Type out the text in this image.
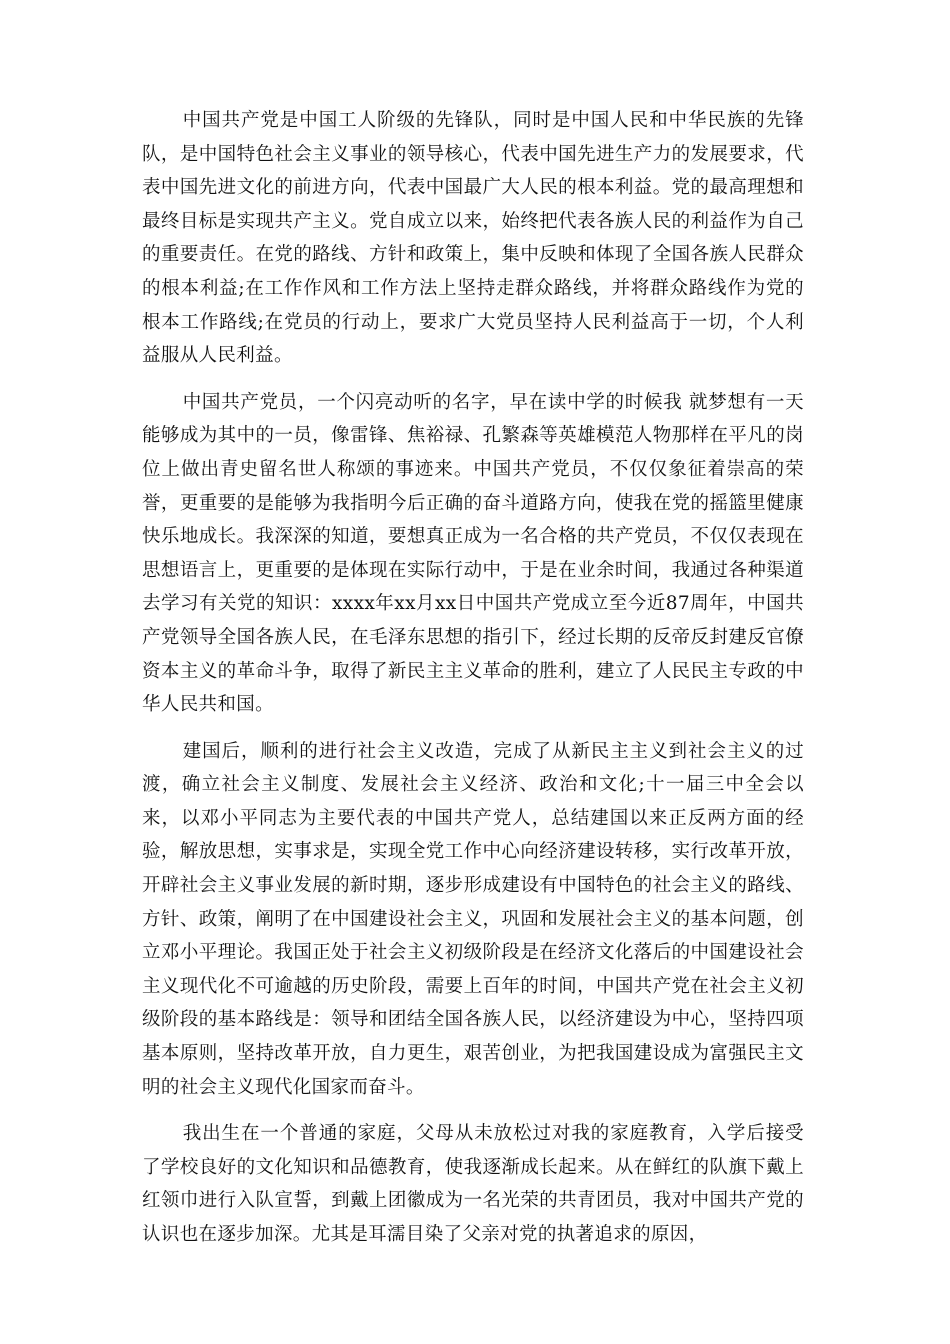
中国共产党是中国工人阶级的先锋队，同时是中国人民和中华民族的先锋队，是中国特色社会主义事业的领导核心，代表中国先进生产力的发展要求，代表中国先进文化的前进方向，代表中国最广大人民的根本利益。党的最高理想和最终目标是实现共产主义。党自成立以来，始终把代表各族人民的利益作为自己的重要责任。在党的路线、方针和政策上，集中反映和体现了全国各族人民群众的根本利益;在工作作风和工作方法上坚持走群众路线，并将群众路线作为党的根本工作路线;在党员的行动上，要求广大党员坚持人民利益高于一切，个人利益服从人民利益。

中国共产党员，一个闪亮动听的名字，早在读中学的时候我 就梦想有一天能够成为其中的一员，像雷锋、焦裕禄、孔繁森等英雄模范人物那样在平凡的岗位上做出青史留名世人称颂的事迹来。中国共产党员，不仅仅象征着崇高的荣誉，更重要的是能够为我指明今后正确的奋斗道路方向，使我在党的摇篮里健康快乐地成长。我深深的知道，要想真正成为一名合格的共产党员，不仅仅表现在思想语言上，更重要的是体现在实际行动中，于是在业余时间，我通过各种渠道去学习有关党的知识：xxxx年xx月xx日中国共产党成立至今近87周年，中国共产党领导全国各族人民，在毛泽东思想的指引下，经过长期的反帝反封建反官僚资本主义的革命斗争，取得了新民主主义革命的胜利，建立了人民民主专政的中华人民共和国。

建国后，顺利的进行社会主义改造，完成了从新民主主义到社会主义的过渡，确立社会主义制度、发展社会主义经济、政治和文化;十一届三中全会以来，以邓小平同志为主要代表的中国共产党人，总结建国以来正反两方面的经验，解放思想，实事求是，实现全党工作中心向经济建设转移，实行改革开放，开辟社会主义事业发展的新时期，逐步形成建设有中国特色的社会主义的路线、方针、政策，阐明了在中国建设社会主义，巩固和发展社会主义的基本问题，创立邓小平理论。我国正处于社会主义初级阶段是在经济文化落后的中国建设社会主义现代化不可逾越的历史阶段，需要上百年的时间，中国共产党在社会主义初级阶段的基本路线是：领导和团结全国各族人民，以经济建设为中心，坚持四项基本原则，坚持改革开放，自力更生，艰苦创业，为把我国建设成为富强民主文明的社会主义现代化国家而奋斗。

我出生在一个普通的家庭，父母从未放松过对我的家庭教育，入学后接受了学校良好的文化知识和品德教育，使我逐渐成长起来。从在鲜红的队旗下戴上红领巾进行入队宣誓，到戴上团徽成为一名光荣的共青团员，我对中国共产党的认识也在逐步加深。尤其是耳濡目染了父亲对党的执著追求的原因，
